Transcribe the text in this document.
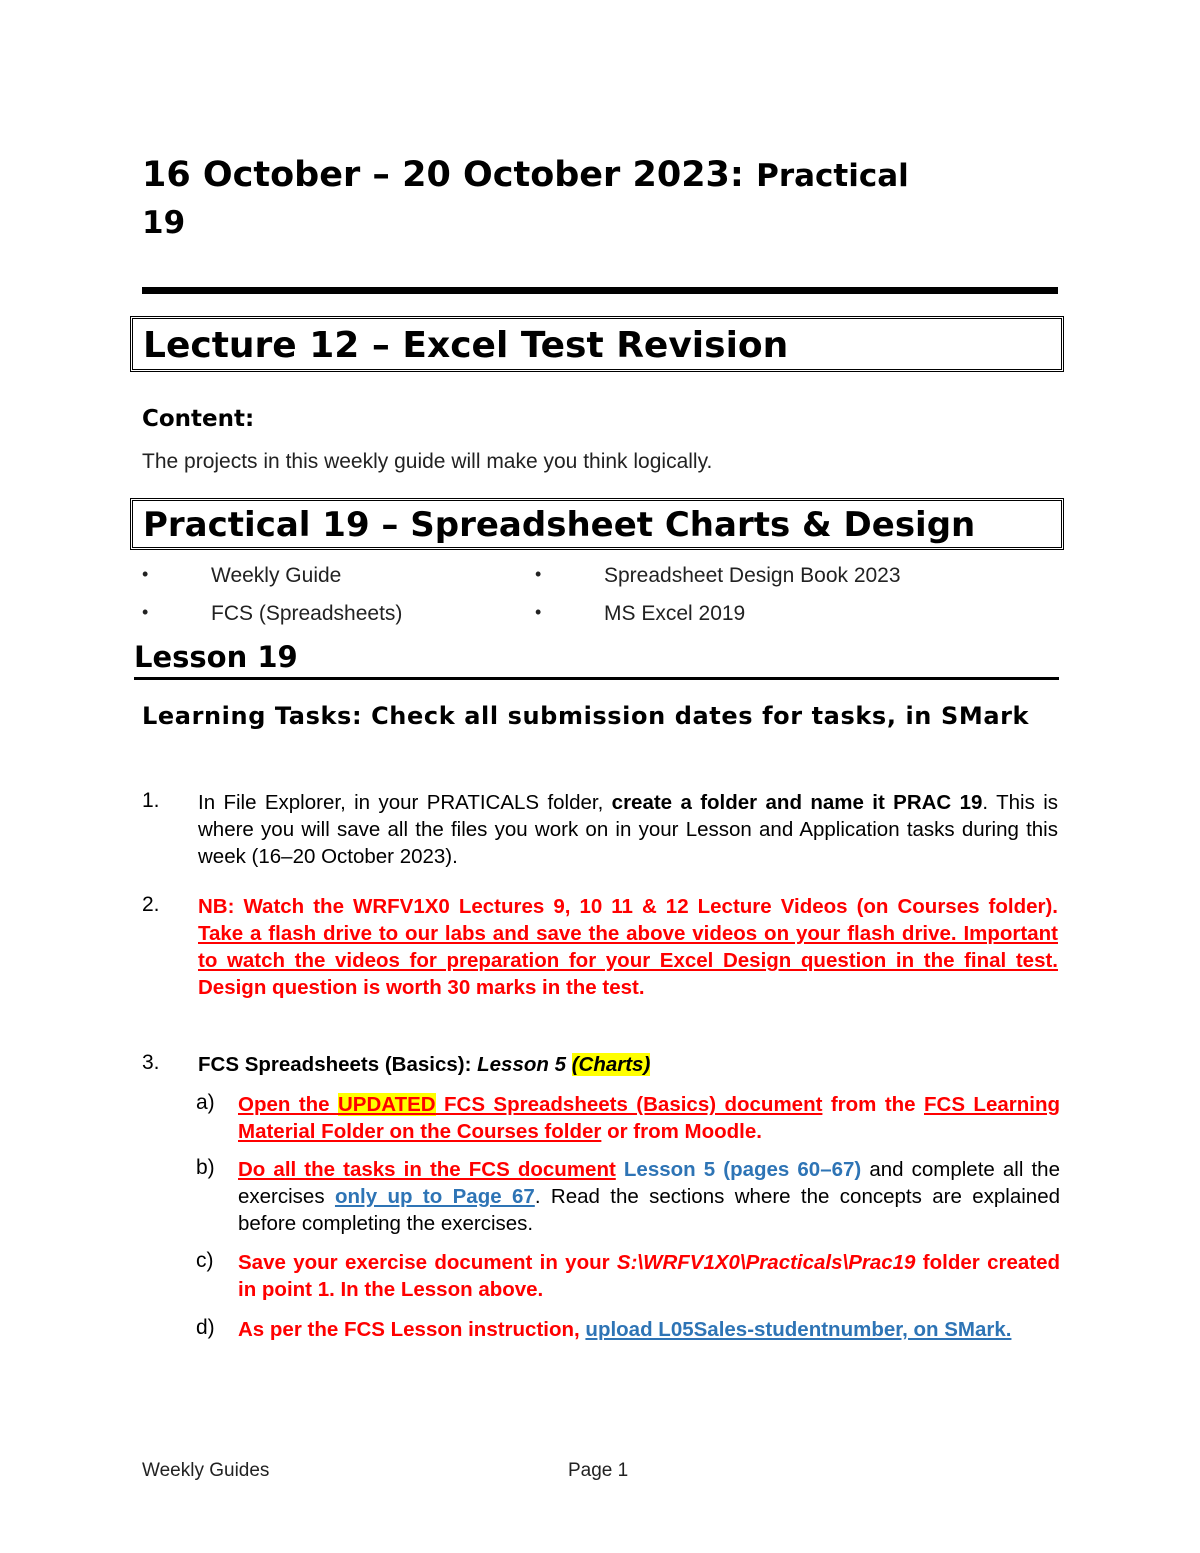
16 October – 20 October 2023: Practical
19
Lecture 12 – Excel Test Revision
Content:
The projects in this weekly guide will make you think logically.
Practical 19 – Spreadsheet Charts & Design
•	Weekly Guide	•	Spreadsheet Design Book 2023
•	FCS (Spreadsheets)	•	MS Excel 2019
Lesson 19
Learning Tasks: Check all submission dates for tasks, in SMark
1. In File Explorer, in your PRATICALS folder, create a folder and name it PRAC 19. This is where you will save all the files you work on in your Lesson and Application tasks during this week (16–20 October 2023).
2. NB: Watch the WRFV1X0 Lectures 9, 10 11 & 12 Lecture Videos (on Courses folder). Take a flash drive to our labs and save the above videos on your flash drive. Important to watch the videos for preparation for your Excel Design question in the final test. Design question is worth 30 marks in the test.
3. FCS Spreadsheets (Basics): Lesson 5 (Charts)
a) Open the UPDATED FCS Spreadsheets (Basics) document from the FCS Learning Material Folder on the Courses folder or from Moodle.
b) Do all the tasks in the FCS document Lesson 5 (pages 60–67) and complete all the exercises only up to Page 67. Read the sections where the concepts are explained before completing the exercises.
c) Save your exercise document in your S:\WRFV1X0\Practicals\Prac19 folder created in point 1. In the Lesson above.
d) As per the FCS Lesson instruction, upload L05Sales-studentnumber, on SMark.
Weekly Guides	Page 1
